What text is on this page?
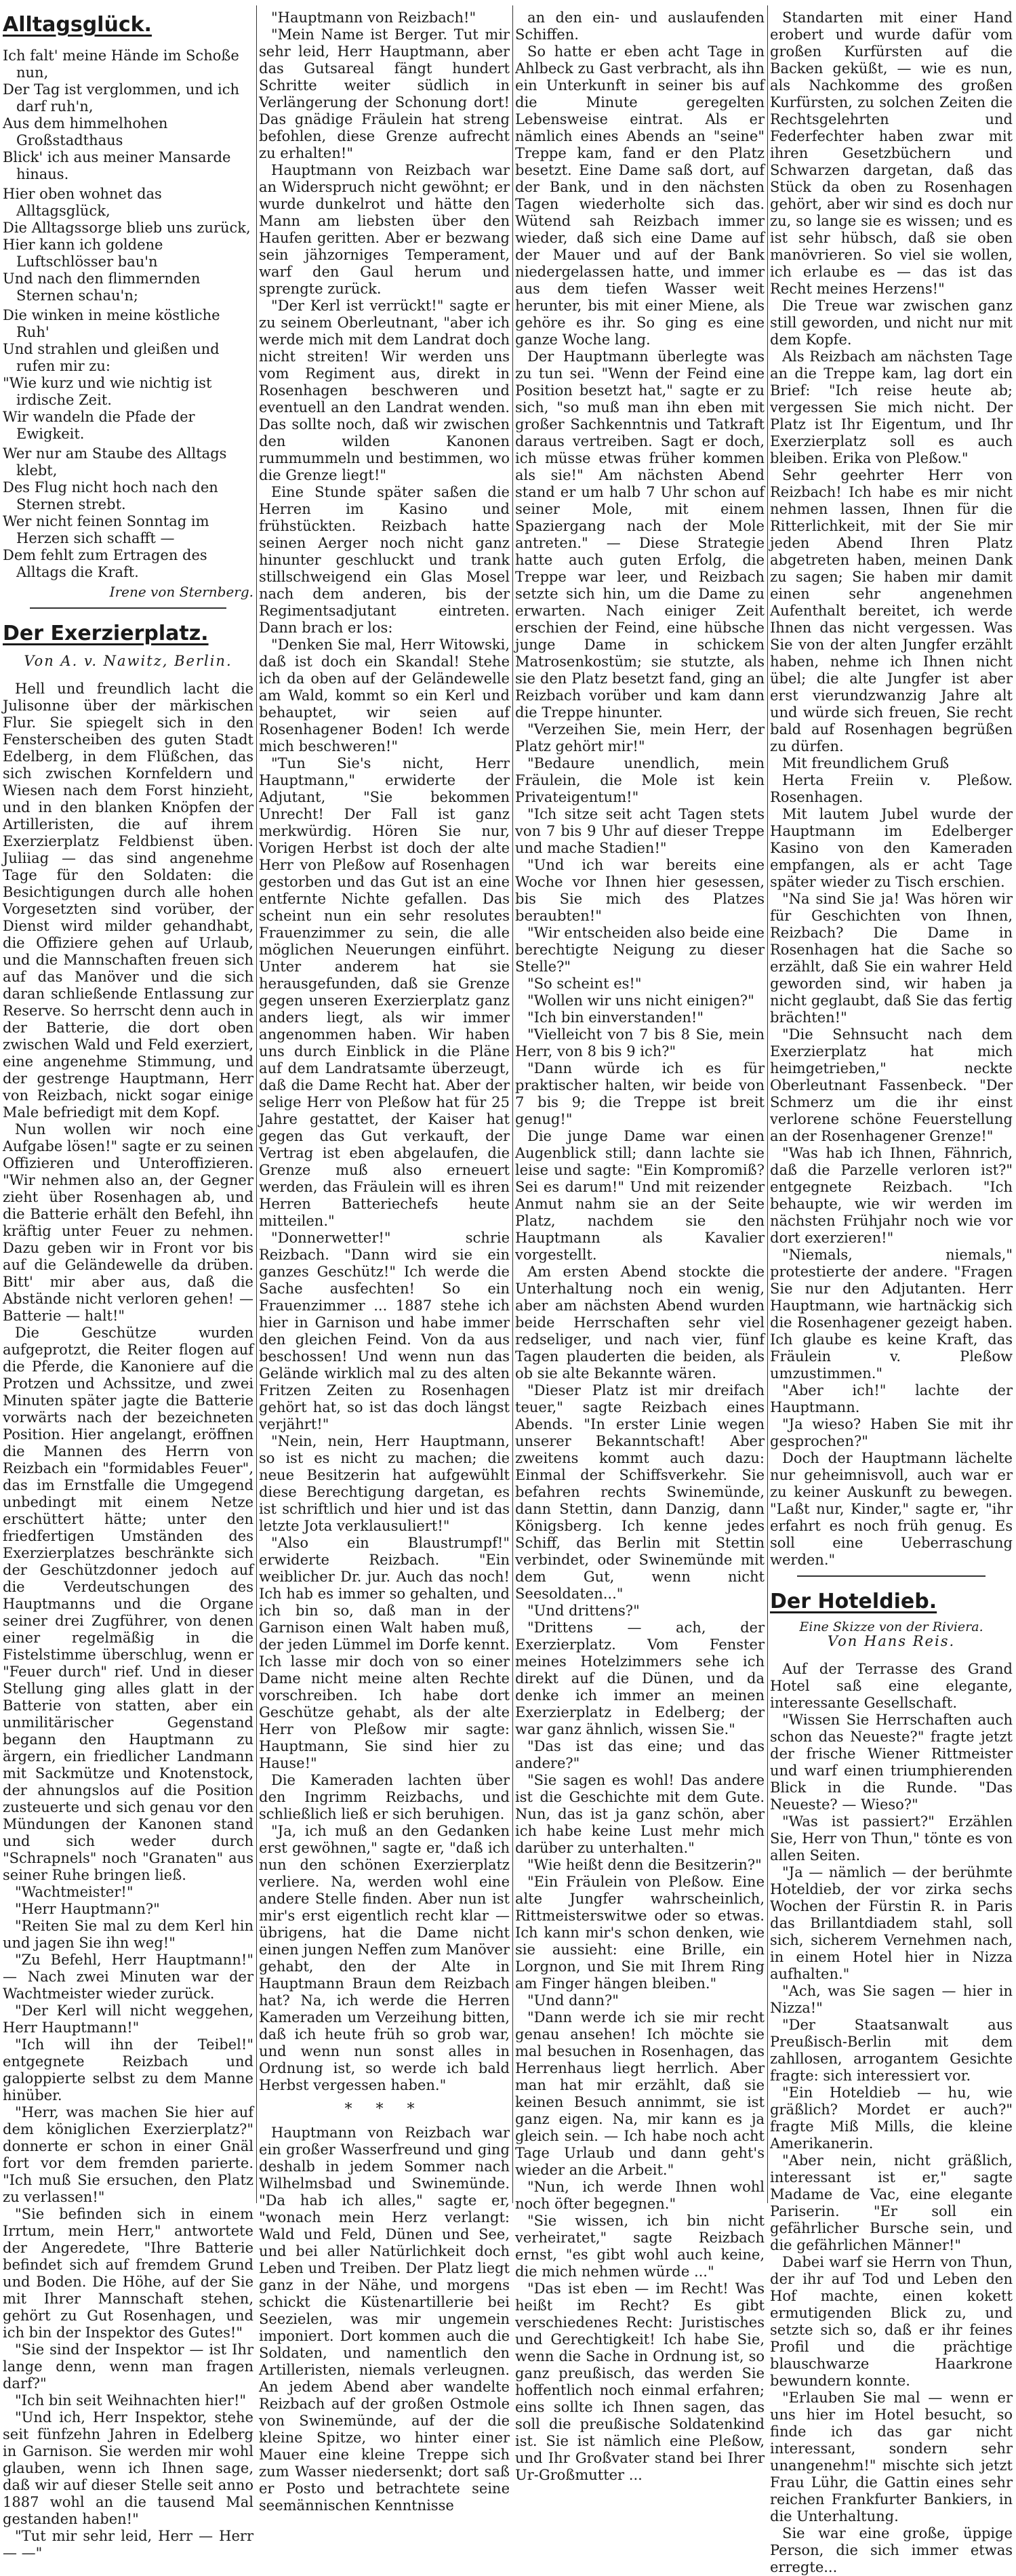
Alltagsglück.

Ich falt' meine Hände im Schoße nun,

Der Tag ist verglommen, und ich darf ruh'n,

Aus dem himmelhohen Großstadthaus

Blick' ich aus meiner Mansarde hinaus.

Hier oben wohnet das Alltagsglück,

Die Alltagssorge blieb uns zurück,

Hier kann ich goldene Luftschlösser bau'n

Und nach den flimmernden Sternen schau'n;

Die winken in meine köstliche Ruh'

Und strahlen und gleißen und rufen mir zu:

"Wie kurz und wie nichtig ist irdische Zeit.

Wir wandeln die Pfade der Ewigkeit.

Wer nur am Staube des Alltags klebt,

Des Flug nicht hoch nach den Sternen strebt.

Wer nicht feinen Sonntag im Herzen sich schafft —

Dem fehlt zum Ertragen des Alltags die Kraft.

Irene von Sternberg.
Der Exerzierplatz.
Von A. v. Nawitz, Berlin.

Hell und freundlich lacht die Julisonne über der märkischen Flur. Sie spiegelt sich in den Fensterscheiben des guten Stadt Edelberg, in dem Flüßchen, das sich zwischen Kornfeldern und Wiesen nach dem Forst hinzieht, und in den blanken Knöpfen der Artilleristen, die auf ihrem Exerzierplatz Feldbienst üben. Juliiag — das sind angenehme Tage für den Soldaten: die Besichtigungen durch alle hohen Vorgesetzten sind vorüber, der Dienst wird milder gehandhabt, die Offiziere gehen auf Urlaub, und die Mannschaften freuen sich auf das Manöver und die sich daran schließende Entlassung zur Reserve. So herrscht denn auch in der Batterie, die dort oben zwischen Wald und Feld exerziert, eine angenehme Stimmung, und der gestrenge Hauptmann, Herr von Reizbach, nickt sogar einige Male befriedigt mit dem Kopf.

Nun wollen wir noch eine Aufgabe lösen!" sagte er zu seinen Offizieren und Unteroffizieren. "Wir nehmen also an, der Gegner zieht über Rosenhagen ab, und die Batterie erhält den Befehl, ihn kräftig unter Feuer zu nehmen. Dazu geben wir in Front vor bis auf die Geländewelle da drüben. Bitt' mir aber aus, daß die Abstände nicht verloren gehen! — Batterie — halt!"

Die Geschütze wurden aufgeprotzt, die Reiter flogen auf die Pferde, die Kanoniere auf die Protzen und Achssitze, und zwei Minuten später jagte die Batterie vorwärts nach der bezeichneten Position. Hier angelangt, eröffnen die Mannen des Herrn von Reizbach ein "formidables Feuer", das im Ernstfalle die Umgegend unbedingt mit einem Netze erschüttert hätte; unter den friedfertigen Umständen des Exerzierplatzes beschränkte sich der Geschützdonner jedoch auf die Verdeutschungen des Hauptmanns und die Organe seiner drei Zugführer, von denen einer regelmäßig in die Fistelstimme überschlug, wenn er "Feuer durch" rief. Und in dieser Stellung ging alles glatt in der Batterie von statten, aber ein unmilitärischer Gegenstand begann den Hauptmann zu ärgern, ein friedlicher Landmann mit Sackmütze und Knotenstock, der ahnungslos auf die Position zusteuerte und sich genau vor den Mündungen der Kanonen stand und sich weder durch "Schrapnels" noch "Granaten" aus seiner Ruhe bringen ließ.

"Wachtmeister!"

"Herr Hauptmann?"

"Reiten Sie mal zu dem Kerl hin und jagen Sie ihn weg!"

"Zu Befehl, Herr Hauptmann!" — Nach zwei Minuten war der Wachtmeister wieder zurück.

"Der Kerl will nicht weggehen, Herr Hauptmann!"

"Ich will ihn der Teibel!" entgegnete Reizbach und galoppierte selbst zu dem Manne hinüber.

"Herr, was machen Sie hier auf dem königlichen Exerzierplatz?" donnerte er schon in einer Gnäl fort vor dem fremden parierte. "Ich muß Sie ersuchen, den Platz zu verlassen!"

"Sie befinden sich in einem Irrtum, mein Herr," antwortete der Angeredete, "Ihre Batterie befindet sich auf fremdem Grund und Boden. Die Höhe, auf der Sie mit Ihrer Mannschaft stehen, gehört zu Gut Rosenhagen, und ich bin der Inspektor des Gutes!"

"Sie sind der Inspektor — ist Ihr lange denn, wenn man fragen darf?"

"Ich bin seit Weihnachten hier!"

"Und ich, Herr Inspektor, stehe seit fünfzehn Jahren in Edelberg in Garnison. Sie werden mir wohl glauben, wenn ich Ihnen sage, daß wir auf dieser Stelle seit anno 1887 wohl an die tausend Mal gestanden haben!"

"Tut mir sehr leid, Herr — Herr — —"

"Hauptmann von Reizbach!"

"Mein Name ist Berger. Tut mir sehr leid, Herr Hauptmann, aber das Gutsareal fängt hundert Schritte weiter südlich in Verlängerung der Schonung dort! Das gnädige Fräulein hat streng befohlen, diese Grenze aufrecht zu erhalten!"

Hauptmann von Reizbach war an Widerspruch nicht gewöhnt; er wurde dunkelrot und hätte den Mann am liebsten über den Haufen geritten. Aber er bezwang sein jähzorniges Temperament, warf den Gaul herum und sprengte zurück.

"Der Kerl ist verrückt!" sagte er zu seinem Oberleutnant, "aber ich werde mich mit dem Landrat doch nicht streiten! Wir werden uns vom Regiment aus, direkt in Rosenhagen beschweren und eventuell an den Landrat wenden. Das sollte noch, daß wir zwischen den wilden Kanonen rummummeln und bestimmen, wo die Grenze liegt!"

Eine Stunde später saßen die Herren im Kasino und frühstückten. Reizbach hatte seinen Aerger noch nicht ganz hinunter geschluckt und trank stillschweigend ein Glas Mosel nach dem anderen, bis der Regimentsadjutant eintreten. Dann brach er los:

"Denken Sie mal, Herr Witowski, daß ist doch ein Skandal! Stehe ich da oben auf der Geländewelle am Wald, kommt so ein Kerl und behauptet, wir seien auf Rosenhagener Boden! Ich werde mich beschweren!"

"Tun Sie's nicht, Herr Hauptmann," erwiderte der Adjutant, "Sie bekommen Unrecht! Der Fall ist ganz merkwürdig. Hören Sie nur, Vorigen Herbst ist doch der alte Herr von Pleßow auf Rosenhagen gestorben und das Gut ist an eine entfernte Nichte gefallen. Das scheint nun ein sehr resolutes Frauenzimmer zu sein, die alle möglichen Neuerungen einführt. Unter anderem hat sie herausgefunden, daß sie Grenze gegen unseren Exerzierplatz ganz anders liegt, als wir immer angenommen haben. Wir haben uns durch Einblick in die Pläne auf dem Landratsamte überzeugt, daß die Dame Recht hat. Aber der selige Herr von Pleßow hat für 25 Jahre gestattet, der Kaiser hat gegen das Gut verkauft, der Vertrag ist eben abgelaufen, die Grenze muß also erneuert werden, das Fräulein will es ihren Herren Batteriechefs heute mitteilen."

"Donnerwetter!" schrie Reizbach. "Dann wird sie ein ganzes Geschütz!" Ich werde die Sache ausfechten! So ein Frauenzimmer ... 1887 stehe ich hier in Garnison und habe immer den gleichen Feind. Von da aus beschossen! Und wenn nun das Gelände wirklich mal zu des alten Fritzen Zeiten zu Rosenhagen gehört hat, so ist das doch längst verjährt!"

"Nein, nein, Herr Hauptmann, so ist es nicht zu machen; die neue Besitzerin hat aufgewühlt diese Berechtigung dargetan, es ist schriftlich und hier und ist das letzte Jota verklausuliert!"

"Also ein Blaustrumpf!" erwiderte Reizbach. "Ein weiblicher Dr. jur. Auch das noch! Ich hab es immer so gehalten, und ich bin so, daß man in der Garnison einen Walt haben muß, der jeden Lümmel im Dorfe kennt. Ich lasse mir doch von so einer Dame nicht meine alten Rechte vorschreiben. Ich habe dort Geschütze gehabt, als der alte Herr von Pleßow mir sagte: Hauptmann, Sie sind hier zu Hause!"

Die Kameraden lachten über den Ingrimm Reizbachs, und schließlich ließ er sich beruhigen.

"Ja, ich muß an den Gedanken erst gewöhnen," sagte er, "daß ich nun den schönen Exerzierplatz verliere. Na, werden wohl eine andere Stelle finden. Aber nun ist mir's erst eigentlich recht klar — übrigens, hat die Dame nicht einen jungen Neffen zum Manöver gehabt, den der Alte in Hauptmann Braun dem Reizbach hat? Na, ich werde die Herren Kameraden um Verzeihung bitten, daß ich heute früh so grob war, und wenn nun sonst alles in Ordnung ist, so werde ich bald Herbst vergessen haben."

* * *

Hauptmann von Reizbach war ein großer Wasserfreund und ging deshalb in jedem Sommer nach Wilhelmsbad und Swinemünde. "Da hab ich alles," sagte er, "wonach mein Herz verlangt: Wald und Feld, Dünen und See, und bei aller Natürlichkeit doch Leben und Treiben. Der Platz liegt ganz in der Nähe, und morgens schickt die Küstenartillerie bei Seezielen, was mir ungemein imponiert. Dort kommen auch die Soldaten, und namentlich den Artilleristen, niemals verleugnen. An jedem Abend aber wandelte Reizbach auf der großen Ostmole von Swinemünde, auf der die kleine Spitze, wo hinter einer Mauer eine kleine Treppe sich zum Wasser niedersenkt; dort saß er Posto und betrachtete seine seemännischen Kenntnisse

an den ein- und auslaufenden Schiffen.

So hatte er eben acht Tage in Ahlbeck zu Gast verbracht, als ihn ein Unterkunft in seiner bis auf die Minute geregelten Lebensweise eintrat. Als er nämlich eines Abends an "seine" Treppe kam, fand er den Platz besetzt. Eine Dame saß dort, auf der Bank, und in den nächsten Tagen wiederholte sich das. Wütend sah Reizbach immer wieder, daß sich eine Dame auf der Mauer und auf der Bank niedergelassen hatte, und immer aus dem tiefen Wasser weit herunter, bis mit einer Miene, als gehöre es ihr. So ging es eine ganze Woche lang.

Der Hauptmann überlegte was zu tun sei. "Wenn der Feind eine Position besetzt hat," sagte er zu sich, "so muß man ihn eben mit großer Sachkenntnis und Tatkraft daraus vertreiben. Sagt er doch, ich müsse etwas früher kommen als sie!" Am nächsten Abend stand er um halb 7 Uhr schon auf seiner Mole, mit einem Spaziergang nach der Mole antreten." — Diese Strategie hatte auch guten Erfolg, die Treppe war leer, und Reizbach setzte sich hin, um die Dame zu erwarten. Nach einiger Zeit erschien der Feind, eine hübsche junge Dame in schickem Matrosenkostüm; sie stutzte, als sie den Platz besetzt fand, ging an Reizbach vorüber und kam dann die Treppe hinunter.

"Verzeihen Sie, mein Herr, der Platz gehört mir!"

"Bedaure unendlich, mein Fräulein, die Mole ist kein Privateigentum!"

"Ich sitze seit acht Tagen stets von 7 bis 9 Uhr auf dieser Treppe und mache Stadien!"

"Und ich war bereits eine Woche vor Ihnen hier gesessen, bis Sie mich des Platzes beraubten!"

"Wir entscheiden also beide eine berechtigte Neigung zu dieser Stelle?"

"So scheint es!"

"Wollen wir uns nicht einigen?"

"Ich bin einverstanden!"

"Vielleicht von 7 bis 8 Sie, mein Herr, von 8 bis 9 ich?"

"Dann würde ich es für praktischer halten, wir beide von 7 bis 9; die Treppe ist breit genug!"

Die junge Dame war einen Augenblick still; dann lachte sie leise und sagte: "Ein Kompromiß? Sei es darum!" Und mit reizender Anmut nahm sie an der Seite Platz, nachdem sie den Hauptmann als Kavalier vorgestellt.

Am ersten Abend stockte die Unterhaltung noch ein wenig, aber am nächsten Abend wurden beide Herrschaften sehr viel redseliger, und nach vier, fünf Tagen plauderten die beiden, als ob sie alte Bekannte wären.

"Dieser Platz ist mir dreifach teuer," sagte Reizbach eines Abends. "In erster Linie wegen unserer Bekanntschaft! Aber zweitens kommt auch dazu: Einmal der Schiffsverkehr. Sie befahren rechts Swinemünde, dann Stettin, dann Danzig, dann Königsberg. Ich kenne jedes Schiff, das Berlin mit Stettin verbindet, oder Swinemünde mit dem Gut, wenn nicht Seesoldaten..."

"Und drittens?"

"Drittens — ach, der Exerzierplatz. Vom Fenster meines Hotelzimmers sehe ich direkt auf die Dünen, und da denke ich immer an meinen Exerzierplatz in Edelberg; der war ganz ähnlich, wissen Sie."

"Das ist das eine; und das andere?"

"Sie sagen es wohl! Das andere ist die Geschichte mit dem Gute. Nun, das ist ja ganz schön, aber ich habe keine Lust mehr mich darüber zu unterhalten."

"Wie heißt denn die Besitzerin?"

"Ein Fräulein von Pleßow. Eine alte Jungfer wahrscheinlich, Rittmeisterswitwe oder so etwas. Ich kann mir's schon denken, wie sie aussieht: eine Brille, ein Lorgnon, und Sie mit Ihrem Ring am Finger hängen bleiben."

"Und dann?"

"Dann werde ich sie mir recht genau ansehen! Ich möchte sie mal besuchen in Rosenhagen, das Herrenhaus liegt herrlich. Aber man hat mir erzählt, daß sie keinen Besuch annimmt, sie ist ganz eigen. Na, mir kann es ja gleich sein. — Ich habe noch acht Tage Urlaub und dann geht's wieder an die Arbeit."

"Nun, ich werde Ihnen wohl noch öfter begegnen."

"Sie wissen, ich bin nicht verheiratet," sagte Reizbach ernst, "es gibt wohl auch keine, die mich nehmen würde ..."

"Das ist eben — im Recht! Was heißt im Recht? Es gibt verschiedenes Recht: Juristisches und Gerechtigkeit! Ich habe Sie, wenn die Sache in Ordnung ist, so ganz preußisch, das werden Sie hoffentlich noch einmal erfahren; eins sollte ich Ihnen sagen, das soll die preußische Soldatenkind ist. Sie ist nämlich eine Pleßow, und Ihr Großvater stand bei Ihrer Ur-Großmutter ...

Standarten mit einer Hand erobert und wurde dafür vom großen Kurfürsten auf die Backen geküßt, — wie es nun, als Nachkomme des großen Kurfürsten, zu solchen Zeiten die Rechtsgelehrten und Federfechter haben zwar mit ihren Gesetzbüchern und Schwarzen dargetan, daß das Stück da oben zu Rosenhagen gehört, aber wir sind es doch nur zu, so lange sie es wissen; und es ist sehr hübsch, daß sie oben manövrieren. So viel sie wollen, ich erlaube es — das ist das Recht meines Herzens!"

Die Treue war zwischen ganz still geworden, und nicht nur mit dem Kopfe.

Als Reizbach am nächsten Tage an die Treppe kam, lag dort ein Brief: "Ich reise heute ab; vergessen Sie mich nicht. Der Platz ist Ihr Eigentum, und Ihr Exerzierplatz soll es auch bleiben. Erika von Pleßow."

Sehr geehrter Herr von Reizbach! Ich habe es mir nicht nehmen lassen, Ihnen für die Ritterlichkeit, mit der Sie mir jeden Abend Ihren Platz abgetreten haben, meinen Dank zu sagen; Sie haben mir damit einen sehr angenehmen Aufenthalt bereitet, ich werde Ihnen das nicht vergessen. Was Sie von der alten Jungfer erzählt haben, nehme ich Ihnen nicht übel; die alte Jungfer ist aber erst vierundzwanzig Jahre alt und würde sich freuen, Sie recht bald auf Rosenhagen begrüßen zu dürfen.

Mit freundlichem Gruß

Herta Freiin v. Pleßow. Rosenhagen.

Mit lautem Jubel wurde der Hauptmann im Edelberger Kasino von den Kameraden empfangen, als er acht Tage später wieder zu Tisch erschien.

"Na sind Sie ja! Was hören wir für Geschichten von Ihnen, Reizbach? Die Dame in Rosenhagen hat die Sache so erzählt, daß Sie ein wahrer Held geworden sind, wir haben ja nicht geglaubt, daß Sie das fertig brächten!"

"Die Sehnsucht nach dem Exerzierplatz hat mich heimgetrieben," neckte Oberleutnant Fassenbeck. "Der Schmerz um die ihr einst verlorene schöne Feuerstellung an der Rosenhagener Grenze!"

"Was hab ich Ihnen, Fähnrich, daß die Parzelle verloren ist?" entgegnete Reizbach. "Ich behaupte, wie wir werden im nächsten Frühjahr noch wie vor dort exerzieren!"

"Niemals, niemals," protestierte der andere. "Fragen Sie nur den Adjutanten. Herr Hauptmann, wie hartnäckig sich die Rosenhagener gezeigt haben. Ich glaube es keine Kraft, das Fräulein v. Pleßow umzustimmen."

"Aber ich!" lachte der Hauptmann.

"Ja wieso? Haben Sie mit ihr gesprochen?"

Doch der Hauptmann lächelte nur geheimnisvoll, auch war er zu keiner Auskunft zu bewegen. "Laßt nur, Kinder," sagte er, "ihr erfahrt es noch früh genug. Es soll eine Ueberraschung werden."

Der Hoteldieb.
Eine Skizze von der Riviera.
Von Hans Reis.

Auf der Terrasse des Grand Hotel saß eine elegante, interessante Gesellschaft.

"Wissen Sie Herrschaften auch schon das Neueste?" fragte jetzt der frische Wiener Rittmeister und warf einen triumphierenden Blick in die Runde. "Das Neueste? — Wieso?"

"Was ist passiert?" Erzählen Sie, Herr von Thun," tönte es von allen Seiten.

"Ja — nämlich — der berühmte Hoteldieb, der vor zirka sechs Wochen der Fürstin R. in Paris das Brillantdiadem stahl, soll sich, sicherem Vernehmen nach, in einem Hotel hier in Nizza aufhalten."

"Ach, was Sie sagen — hier in Nizza!"

"Der Staatsanwalt aus Preußisch-Berlin mit dem zahllosen, arrogantem Gesichte fragte: sich interessiert vor.

"Ein Hoteldieb — hu, wie gräßlich? Mordet er auch?" fragte Miß Mills, die kleine Amerikanerin.

"Aber nein, nicht gräßlich, interessant ist er," sagte Madame de Vac, eine elegante Pariserin. "Er soll ein gefährlicher Bursche sein, und die gefährlichen Männer!"

Dabei warf sie Herrn von Thun, der ihr auf Tod und Leben den Hof machte, einen kokett ermutigenden Blick zu, und setzte sich so, daß er ihr feines Profil und die prächtige blauschwarze Haarkrone bewundern konnte.

"Erlauben Sie mal — wenn er uns hier im Hotel besucht, so finde ich das gar nicht interessant, sondern sehr unangenehm!" mischte sich jetzt Frau Lühr, die Gattin eines sehr reichen Frankfurter Bankiers, in die Unterhaltung.

Sie war eine große, üppige Person, die sich immer etwas erregte...
